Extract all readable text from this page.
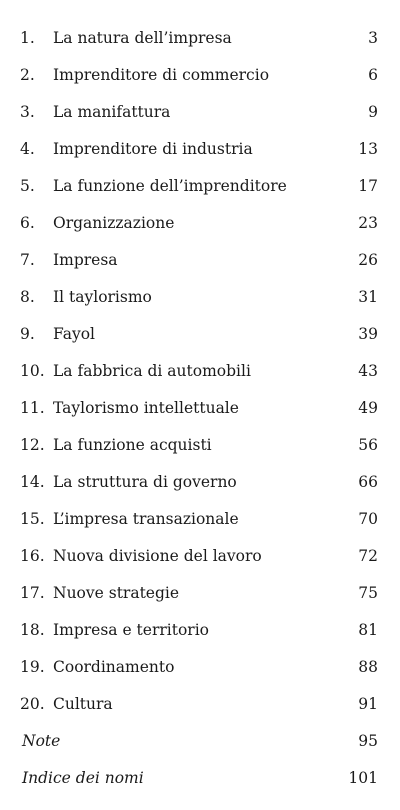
1. La natura dell’impresa	3
2. Imprenditore di commercio	6
3. La manifattura	9
4. Imprenditore di industria	13
5. La funzione dell’imprenditore	17
6. Organizzazione	23
7. Impresa	26
8. Il taylorismo	31
9. Fayol	39
10. La fabbrica di automobili	43
11. Taylorismo intellettuale	49
12. La funzione acquisti	56
14. La struttura di governo	66
15. L’impresa transazionale	70
16. Nuova divisione del lavoro	72
17. Nuove strategie	75
18. Impresa e territorio	81
19. Coordinamento	88
20. Cultura	91
Note	95
Indice dei nomi	101
